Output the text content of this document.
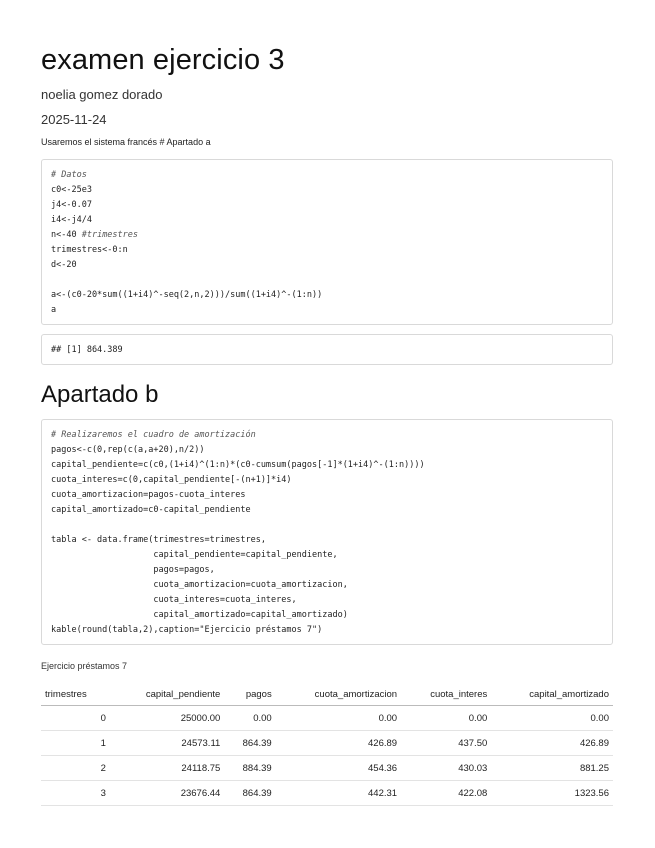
examen ejercicio 3
noelia gomez dorado
2025-11-24
Usaremos el sistema francés # Apartado a
# Datos
c0<-25e3
j4<-0.07
i4<-j4/4
n<-40 #trimestres
trimestres<-0:n
d<-20
a<-(c0-20*sum((1+i4)^-seq(2,n,2)))/sum((1+i4)^-(1:n))
a
## [1] 864.389
Apartado b
# Realizaremos el cuadro de amortización
pagos<-c(0,rep(c(a,a+20),n/2))
capital_pendiente=c(c0,(1+i4)^(1:n)*(c0-cumsum(pagos[-1]*(1+i4)^-(1:n))))
cuota_interes=c(0,capital_pendiente[-(n+1)]*i4)
cuota_amortizacion=pagos-cuota_interes
capital_amortizado=c0-capital_pendiente
tabla <- data.frame(trimestres=trimestres,
capital_pendiente=capital_pendiente,
pagos=pagos,
cuota_amortizacion=cuota_amortizacion,
cuota_interes=cuota_interes,
capital_amortizado=capital_amortizado)
kable(round(tabla,2),caption="Ejercicio préstamos 7")
Ejercicio préstamos 7
trimestres	capital_pendiente	pagos	cuota_amortizacion	cuota_interes	capital_amortizado
0	25000.00	0.00	0.00	0.00	0.00
1	24573.11	864.39	426.89	437.50	426.89
2	24118.75	884.39	454.36	430.03	881.25
3	23676.44	864.39	442.31	422.08	1323.56
